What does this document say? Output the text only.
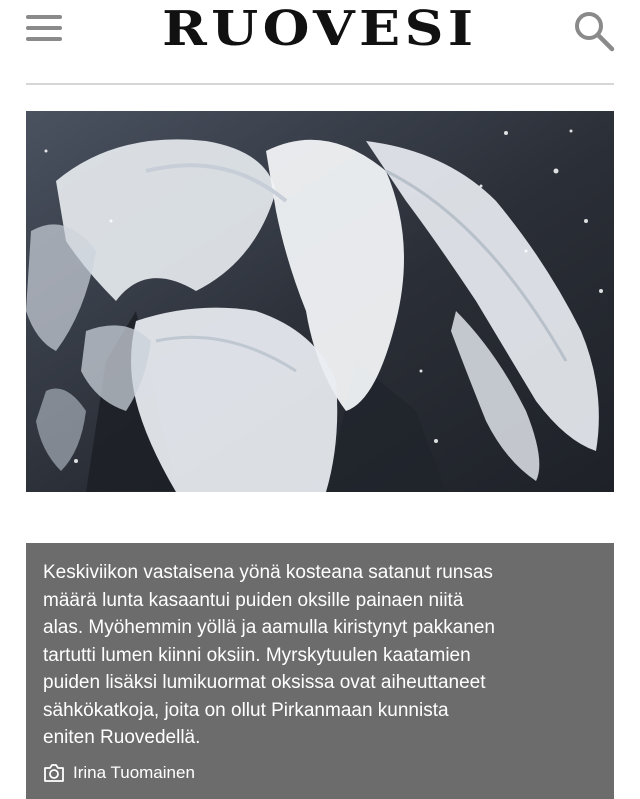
RUOVESI

Keskiviikon vastaisena yönä kosteana satanut runsas
määrä lunta kasaantui puiden oksille painaen niitä
alas. Myöhemmin yöllä ja aamulla kiristynyt pakkanen
tartutti lumen kiinni oksiin. Myrskytuulen kaatamien
puiden lisäksi lumikuormat oksissa ovat aiheuttaneet
sähkökatkoja, joita on ollut Pirkanmaan kunnista
eniten Ruovedellä.

Irina Tuomainen
